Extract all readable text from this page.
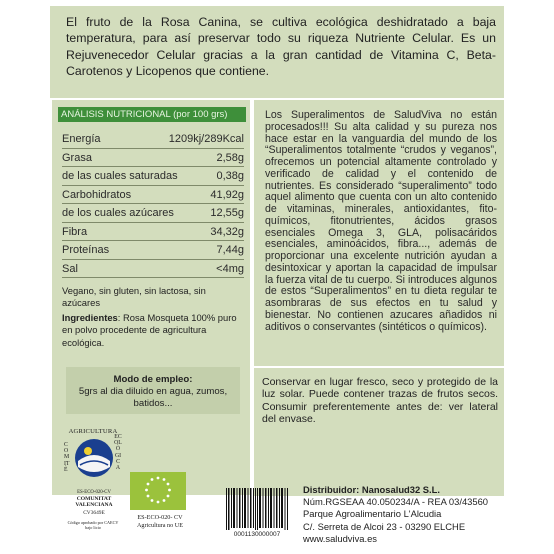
El fruto de la Rosa Canina, se cultiva ecológica deshidratado a baja temperatura, para así preservar todo su riqueza Nutriente Celular. Es un Rejuvenecedor Celular gracias a la gran cantidad de Vitamina C, Beta-Carotenos y Licopenos que contiene.
ANÁLISIS NUTRICIONAL (por 100 grs)
Energía	1209kj/289Kcal
Grasa	2,58g
de las cuales saturadas	0,38g
Carbohidratos	41,92g
de los cuales azúcares	12,55g
Fibra	34,32g
Proteínas	7,44g
Sal	<4mg
Vegano, sin gluten, sin lactosa, sin azúcares
Ingredientes: Rosa Mosqueta 100% puro en polvo procedente de agricultura ecológica.
Modo de empleo:
5grs al dia diluido en agua, zumos, batidos...
Los Superalimentos de SaludViva no están procesados!!! Su alta calidad y su pureza nos hace estar en la vanguardia del mundo de los “Superalimentos totalmente “crudos y veganos”, ofrecemos un potencial altamente controlado y verificado de calidad y el contenido de nutrientes. Es considerado “superalimento” todo aquel alimento que cuenta con un alto contenido de vitaminas, minerales, antioxidantes, fito-químicos, fitonutrientes, ácidos grasos esenciales Omega 3, GLA, polisacáridos esenciales, aminoácidos, fibra..., además de proporcionar una excelente nutrición ayudan a desintoxicar y aportan la capacidad de impulsar la fuerza vital de tu cuerpo. Si introduces algunos de estos “Superalimentos” en tu dieta regular te asombraras de sus efectos en tu salud y bienestar. No contienen azucares añadidos ni aditivos o conservantes (sintéticos o químicos).
Conservar en lugar fresco, seco y protegido de la luz solar. Puede contener trazas de frutos secos. Consumir preferentemente antes de: ver lateral del envase.
Distribuidor: Nanosalud32 S.L.
Núm.RGSEAA 40.050234/A - REA 03/43560
Parque Agroalimentario L'Alcudia
C/. Serreta de Alcoi 23 - 03290 ELCHE
www.saludviva.es
AGRICULTURA
ECOLÒGICA
COMITÈ
ES-ECO-020-CV
COMUNITAT VALENCIANA
CV3649E
Código aprobado por CAECV bajo licio
ES-ECO-020- CV
Agricultura no UE
0001130000007
